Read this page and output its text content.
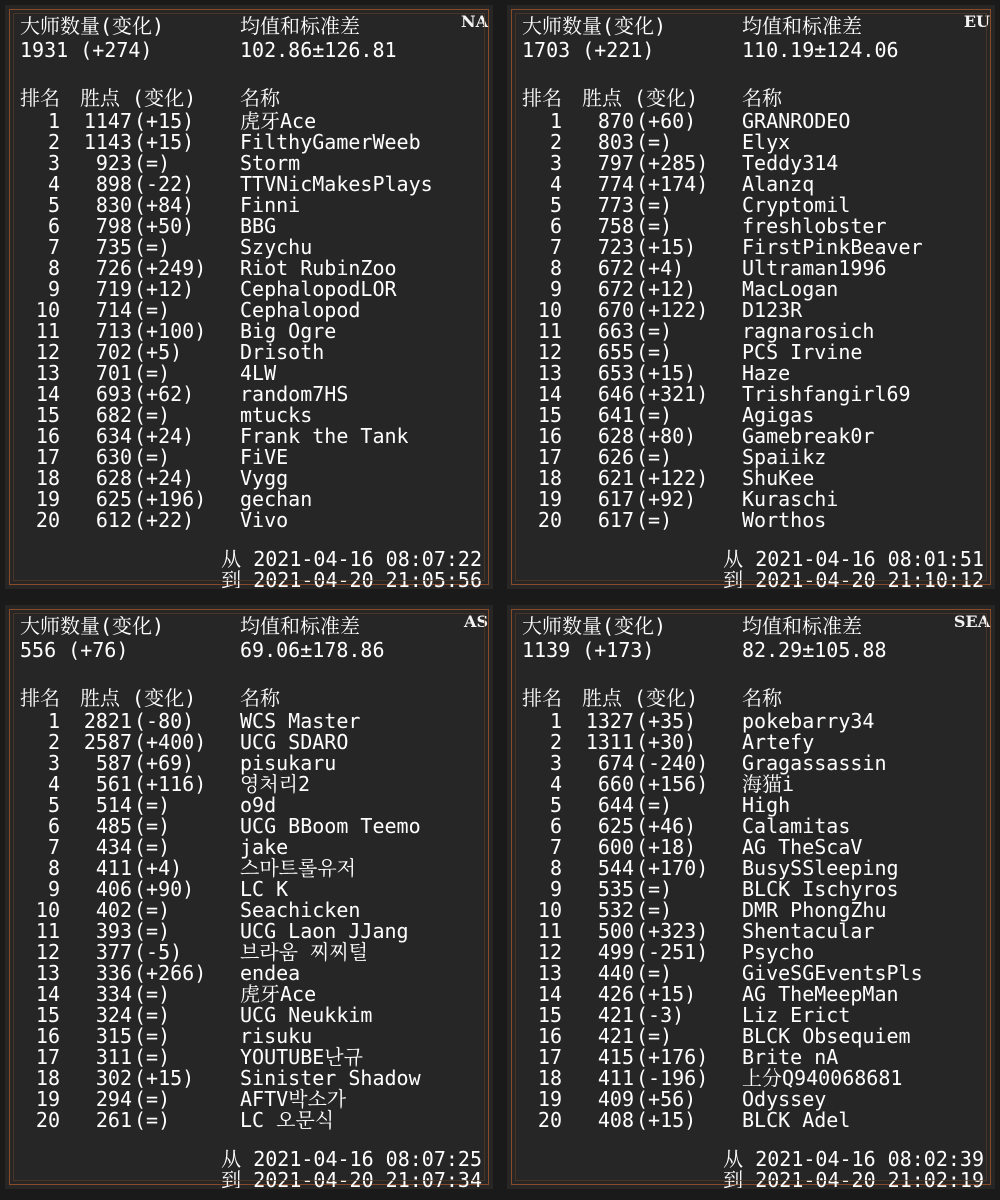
NA
大师数量(变化)
1931 (+274)
均值和标准差
102.86±126.81
排名 胜点 (变化) 名称
1 1147 (+15) 虎牙Ace
2 1143 (+15) FilthyGamerWeeb
3	923 (=)	Storm
4	898 (-22) TTVNicMakesPlays
5	830 (+84) Finni
6	798 (+50) BBG
7	735 (=)	Szychu
8	726 (+249) Riot RubinZoo
9	719 (+12) CephalopodLOR
10	714 (=)	Cephalopod
11	713 (+100) Big Ogre
12	702 (+5)	Drisoth
13	701 (=)	4LW
14	693 (+62) random7HS
15	682 (=)	mtucks
16	634 (+24) Frank the Tank
17	630 (=)	FiVE
18	628 (+24) Vygg
19	625 (+196) gechan
20	612 (+22) Vivo
从 2021-04-16 08:07:22
到 2021-04-20 21:05:56
EU
大师数量(变化)
1703 (+221)
均值和标准差
110.19±124.06
排名 胜点 (变化) 名称
1	870 (+60) GRANRODEO
2	803 (=)	Elyx
3	797 (+285) Teddy314
4	774 (+174) Alanzq
5	773 (=)	Cryptomil
6	758 (=)	freshlobster
7	723 (+15) FirstPinkBeaver
8	672 (+4)	Ultraman1996
9	672 (+12) MacLogan
10	670 (+122) D123R
11	663 (=)	ragnarosich
12	655 (=)	PCS Irvine
13	653 (+15) Haze
14	646 (+321) Trishfangirl69
15	641 (=)	Agigas
16	628 (+80) Gamebreak0r
17	626 (=)	Spaiikz
18	621 (+122) ShuKee
19	617 (+92) Kuraschi
20	617 (=)	Worthos
从 2021-04-16 08:01:51
到 2021-04-20 21:10:12
AS
大师数量(变化)
556 (+76)
均值和标准差
69.06±178.86
排名 胜点 (变化) 名称
1 2821 (-80) WCS Master
2 2587 (+400) UCG SDARO
3	587 (+69) pisukaru
4	561 (+116) 영처리2
5	514 (=)	o9d
6	485 (=)	UCG BBoom Teemo
7	434 (=)	jake
8	411 (+4)	스마트롤유저
9	406 (+90) LC K
10	402 (=)	Seachicken
11	393 (=)	UCG Laon JJang
12	377 (-5)	브라움 찌찌털
13	336 (+266) endea
14	334 (=)	虎牙Ace
15	324 (=)	UCG Neukkim
16	315 (=)	risuku
17	311 (=)	YOUTUBE난규
18	302 (+15) Sinister Shadow
19	294 (=)	AFTV박소가
20	261 (=)	LC 오문식
从 2021-04-16 08:07:25
到 2021-04-20 21:07:34
SEA
大师数量(变化)
1139 (+173)
均值和标准差
82.29±105.88
排名 胜点 (变化) 名称
1 1327 (+35) pokebarry34
2 1311 (+30) Artefy
3	674 (-240) Gragassassin
4	660 (+156) 海猫i
5	644 (=)	High
6	625 (+46) Calamitas
7	600 (+18) AG TheScaV
8	544 (+170) BusySSleeping
9	535 (=)	BLCK Ischyros
10	532 (=)	DMR PhongZhu
11	500 (+323) Shentacular
12	499 (-251) Psycho
13	440 (=)	GiveSGEventsPls
14	426 (+15) AG TheMeepMan
15	421 (-3)	Liz Erict
16	421 (=)	BLCK Obsequiem
17	415 (+176) Brite nA
18	411 (-196) 上分Q940068681
19	409 (+56) Odyssey
20	408 (+15) BLCK Adel
从 2021-04-16 08:02:39
到 2021-04-20 21:02:19
